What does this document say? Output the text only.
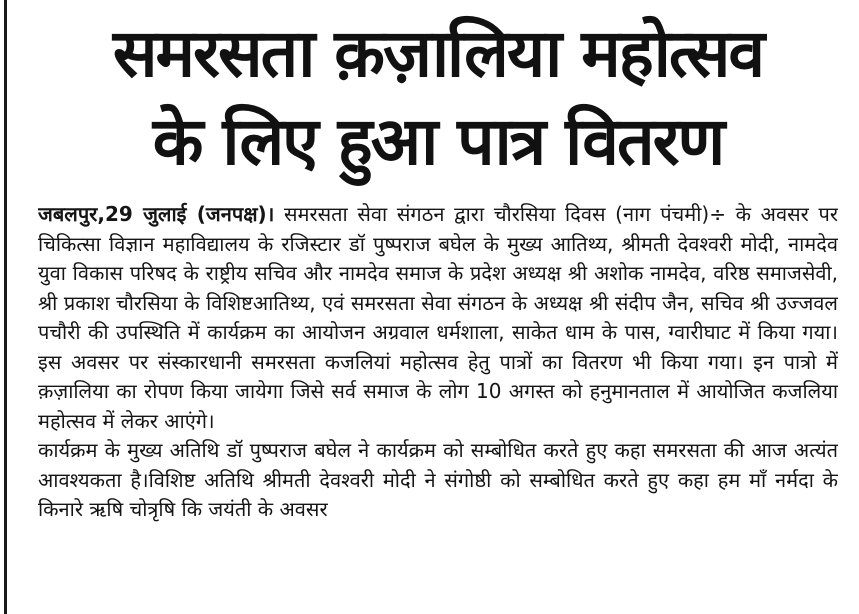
समरसता क़ज़ालिया महोत्सव
के लिए हुआ पात्र वितरण
जबलपुर,29 जुलाई (जनपक्ष)। समरसता सेवा संगठन द्वारा चौरसिया दिवस (नाग पंचमी)÷ के अवसर पर चिकित्सा विज्ञान महाविद्यालय के रजिस्टार डॉ पुष्पराज बघेल के मुख्य आतिथ्य, श्रीमती देवश्वरी मोदी, नामदेव युवा विकास परिषद के राष्ट्रीय सचिव और नामदेव समाज के प्रदेश अध्यक्ष श्री अशोक नामदेव, वरिष्ठ समाजसेवी, श्री प्रकाश चौरसिया के विशिष्टआतिथ्य, एवं समरसता सेवा संगठन के अध्यक्ष श्री संदीप जैन, सचिव श्री उज्जवल पचौरी की उपस्थिति में कार्यक्रम का आयोजन अग्रवाल धर्मशाला, साकेत धाम के पास, ग्वारीघाट में किया गया। इस अवसर पर संस्कारधानी समरसता कजलियां महोत्सव हेतु पात्रों का वितरण भी किया गया। इन पात्रो में क़ज़ालिया का रोपण किया जायेगा जिसे सर्व समाज के लोग 10 अगस्त को हनुमानताल में आयोजित कजलिया महोत्सव में लेकर आएंगे।
कार्यक्रम के मुख्य अतिथि डॉ पुष्पराज बघेल ने कार्यक्रम को सम्बोधित करते हुए कहा समरसता की आज अत्यंत आवश्यकता है।विशिष्ट अतिथि श्रीमती देवश्वरी मोदी ने संगोष्ठी को सम्बोधित करते हुए कहा हम माँ नर्मदा के किनारे ऋषि चोत्रृषि कि जयंती के अवसर
